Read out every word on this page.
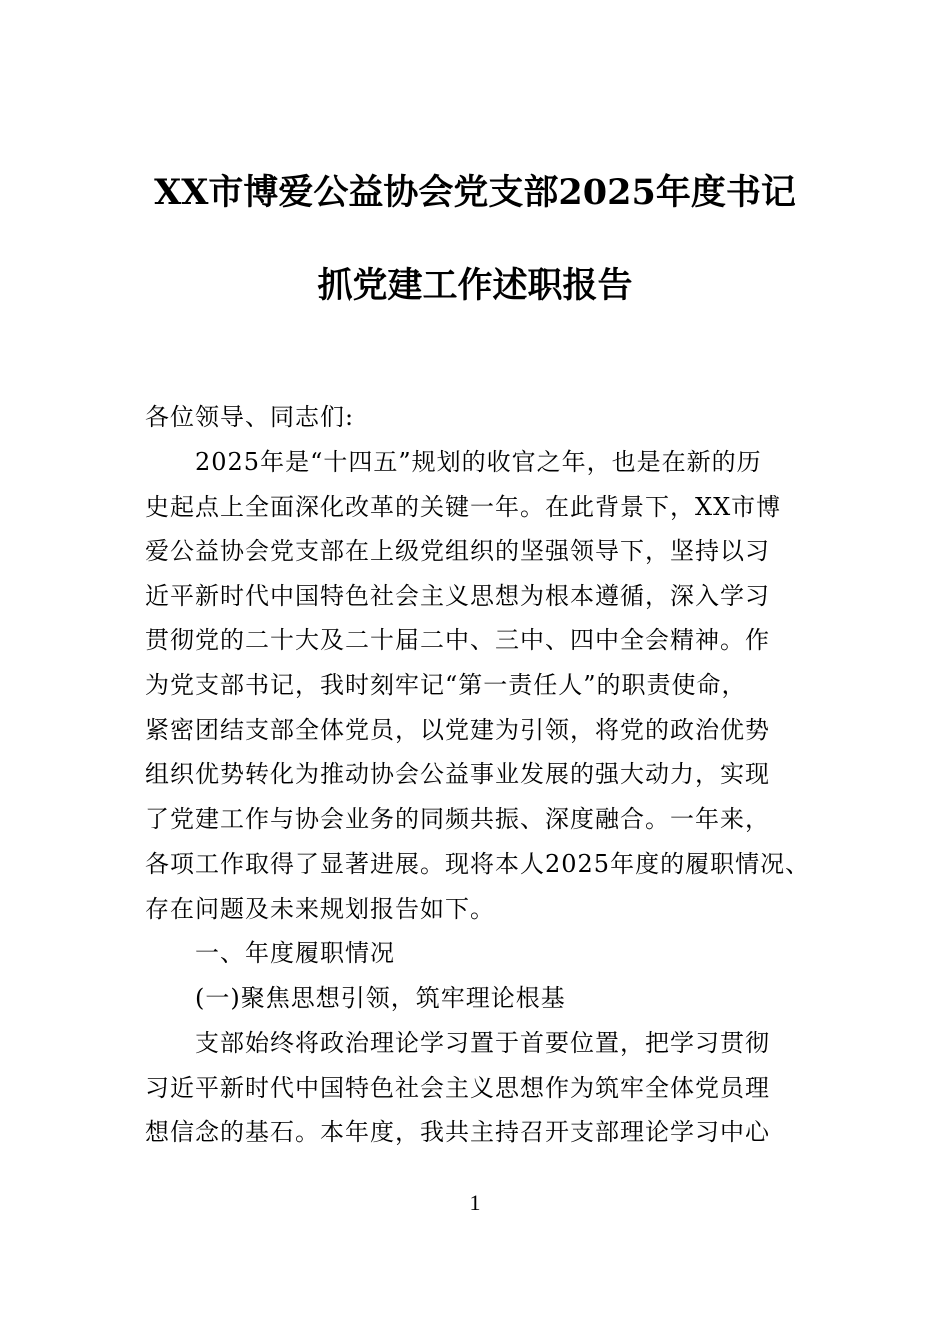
XX市博爱公益协会党支部2025年度书记
抓党建工作述职报告
各位领导、同志们:
2025年是“十四五”规划的收官之年，也是在新的历
史起点上全面深化改革的关键一年。在此背景下，XX市博
爱公益协会党支部在上级党组织的坚强领导下，坚持以习
近平新时代中国特色社会主义思想为根本遵循，深入学习
贯彻党的二十大及二十届二中、三中、四中全会精神。作
为党支部书记，我时刻牢记“第一责任人”的职责使命，
紧密团结支部全体党员，以党建为引领，将党的政治优势
组织优势转化为推动协会公益事业发展的强大动力，实现
了党建工作与协会业务的同频共振、深度融合。一年来，
各项工作取得了显著进展。现将本人2025年度的履职情况、
存在问题及未来规划报告如下。
一、年度履职情况
(一)聚焦思想引领，筑牢理论根基
支部始终将政治理论学习置于首要位置，把学习贯彻
习近平新时代中国特色社会主义思想作为筑牢全体党员理
想信念的基石。本年度，我共主持召开支部理论学习中心
1
